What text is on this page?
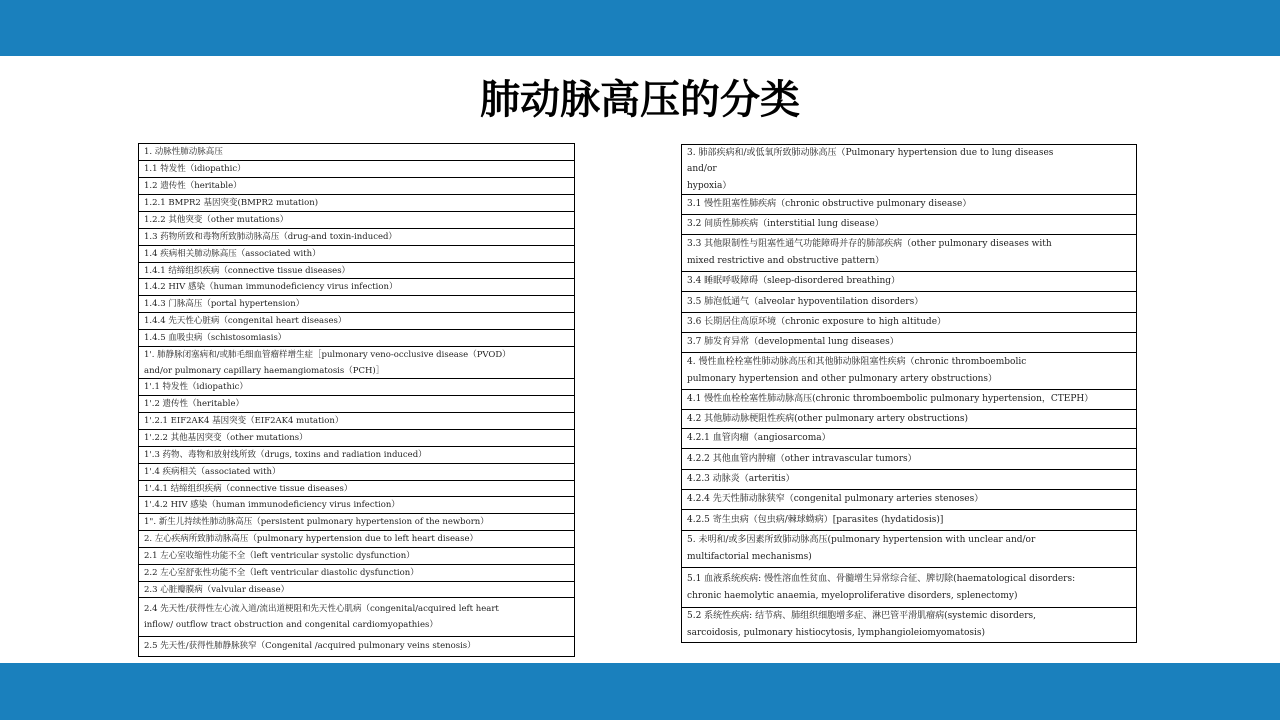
肺动脉高压的分类
1. 动脉性肺动脉高压
1.1 特发性（idiopathic）
1.2 遗传性（heritable）
1.2.1 BMPR2 基因突变(BMPR2 mutation)
1.2.2 其他突变（other mutations）
1.3 药物所致和毒物所致肺动脉高压（drug-and toxin-induced）
1.4 疾病相关肺动脉高压（associated with）
1.4.1 结缔组织疾病（connective tissue diseases）
1.4.2 HIV 感染（human immunodeficiency virus infection）
1.4.3 门脉高压（portal hypertension）
1.4.4 先天性心脏病（congenital heart diseases）
1.4.5 血吸虫病（schistosomiasis）
1'. 肺静脉闭塞病和/或肺毛细血管瘤样增生症［pulmonary veno-occlusive disease（PVOD）
and/or pulmonary capillary haemangiomatosis（PCH)］
1'.1 特发性（idiopathic）
1'.2 遗传性（heritable）
1'.2.1 EIF2AK4 基因突变（EIF2AK4 mutation）
1'.2.2 其他基因突变（other mutations）
1'.3 药物、毒物和放射线所致（drugs, toxins and radiation induced）
1'.4 疾病相关（associated with）
1'.4.1 结缔组织疾病（connective tissue diseases）
1'.4.2 HIV 感染（human immunodeficiency virus infection）
1". 新生儿持续性肺动脉高压（persistent pulmonary hypertension of the newborn）
2. 左心疾病所致肺动脉高压（pulmonary hypertension due to left heart disease）
2.1 左心室收缩性功能不全（left ventricular systolic dysfunction）
2.2 左心室舒张性功能不全（left ventricular diastolic dysfunction）
2.3 心脏瓣膜病（valvular disease）
2.4 先天性/获得性左心流入道/流出道梗阻和先天性心肌病（congenital/acquired left heart
inflow/ outflow tract obstruction and congenital cardiomyopathies）
2.5 先天性/获得性肺静脉狭窄（Congenital /acquired pulmonary veins stenosis）
3. 肺部疾病和/或低氧所致肺动脉高压（Pulmonary hypertension due to lung diseases
and/or
hypoxia）
3.1 慢性阻塞性肺疾病（chronic obstructive pulmonary disease）
3.2 间质性肺疾病（interstitial lung disease）
3.3 其他限制性与阻塞性通气功能障碍并存的肺部疾病（other pulmonary diseases with
mixed restrictive and obstructive pattern）
3.4 睡眠呼吸障碍（sleep-disordered breathing）
3.5 肺泡低通气（alveolar hypoventilation disorders）
3.6 长期居住高原环境（chronic exposure to high altitude）
3.7 肺发育异常（developmental lung diseases）
4. 慢性血栓栓塞性肺动脉高压和其他肺动脉阻塞性疾病（chronic thromboembolic
pulmonary hypertension and other pulmonary artery obstructions）
4.1 慢性血栓栓塞性肺动脉高压(chronic thromboembolic pulmonary hypertension，CTEPH）
4.2 其他肺动脉梗阻性疾病(other pulmonary artery obstructions)
4.2.1 血管肉瘤（angiosarcoma）
4.2.2 其他血管内肿瘤（other intravascular tumors）
4.2.3 动脉炎（arteritis）
4.2.4 先天性肺动脉狭窄（congenital pulmonary arteries stenoses）
4.2.5 寄生虫病（包虫病/棘球蚴病）[parasites (hydatidosis)]
5. 未明和/或多因素所致肺动脉高压(pulmonary hypertension with unclear and/or
multifactorial mechanisms)
5.1 血液系统疾病: 慢性溶血性贫血、骨髓增生异常综合征、脾切除(haematological disorders:
chronic haemolytic anaemia, myeloproliferative disorders, splenectomy)
5.2 系统性疾病: 结节病、肺组织细胞增多症、淋巴管平滑肌瘤病(systemic disorders,
sarcoidosis, pulmonary histiocytosis, lymphangioleiomyomatosis)
